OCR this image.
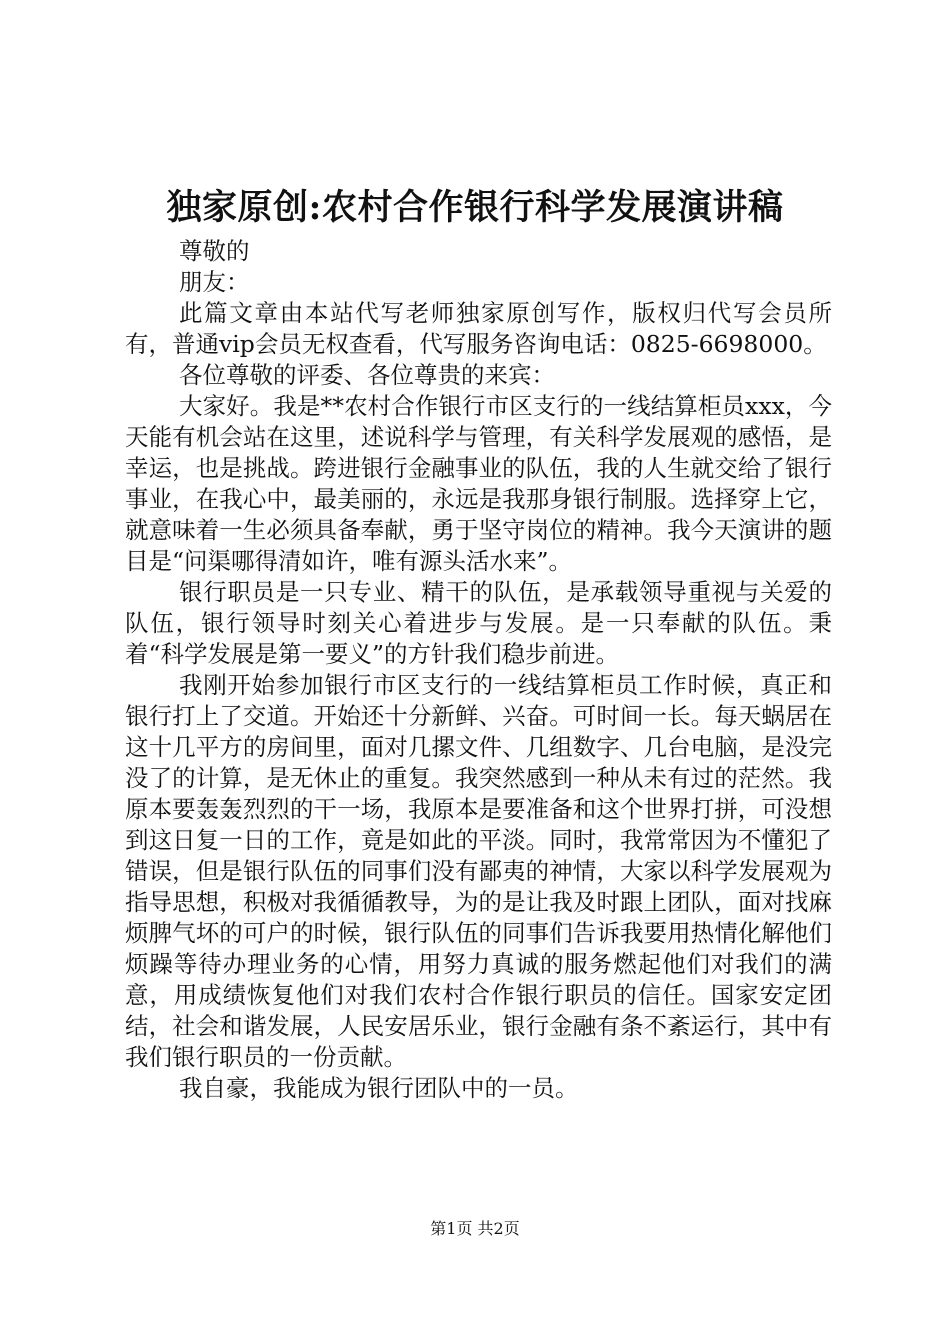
独家原创:农村合作银行科学发展演讲稿

尊敬的

朋友：

此篇文章由本站代写老师独家原创写作，版权归代写会员所有，普通vip会员无权查看，代写服务咨询电话：0825-6698000。

各位尊敬的评委、各位尊贵的来宾：

大家好。我是**农村合作银行市区支行的一线结算柜员xxx，今天能有机会站在这里，述说科学与管理，有关科学发展观的感悟，是幸运，也是挑战。跨进银行金融事业的队伍，我的人生就交给了银行事业，在我心中，最美丽的，永远是我那身银行制服。选择穿上它，就意味着一生必须具备奉献，勇于坚守岗位的精神。我今天演讲的题目是“问渠哪得清如许，唯有源头活水来”。

银行职员是一只专业、精干的队伍，是承载领导重视与关爱的队伍，银行领导时刻关心着进步与发展。是一只奉献的队伍。秉着“科学发展是第一要义”的方针我们稳步前进。

我刚开始参加银行市区支行的一线结算柜员工作时候，真正和银行打上了交道。开始还十分新鲜、兴奋。可时间一长。每天蜗居在这十几平方的房间里，面对几摞文件、几组数字、几台电脑，是没完没了的计算，是无休止的重复。我突然感到一种从未有过的茫然。我原本要轰轰烈烈的干一场，我原本是要准备和这个世界打拼，可没想到这日复一日的工作，竟是如此的平淡。同时，我常常因为不懂犯了错误，但是银行队伍的同事们没有鄙夷的神情，大家以科学发展观为指导思想，积极对我循循教导，为的是让我及时跟上团队，面对找麻烦脾气坏的可户的时候，银行队伍的同事们告诉我要用热情化解他们烦躁等待办理业务的心情，用努力真诚的服务燃起他们对我们的满意，用成绩恢复他们对我们农村合作银行职员的信任。国家安定团结，社会和谐发展，人民安居乐业，银行金融有条不紊运行，其中有我们银行职员的一份贡献。

我自豪，我能成为银行团队中的一员。

第1页 共2页
